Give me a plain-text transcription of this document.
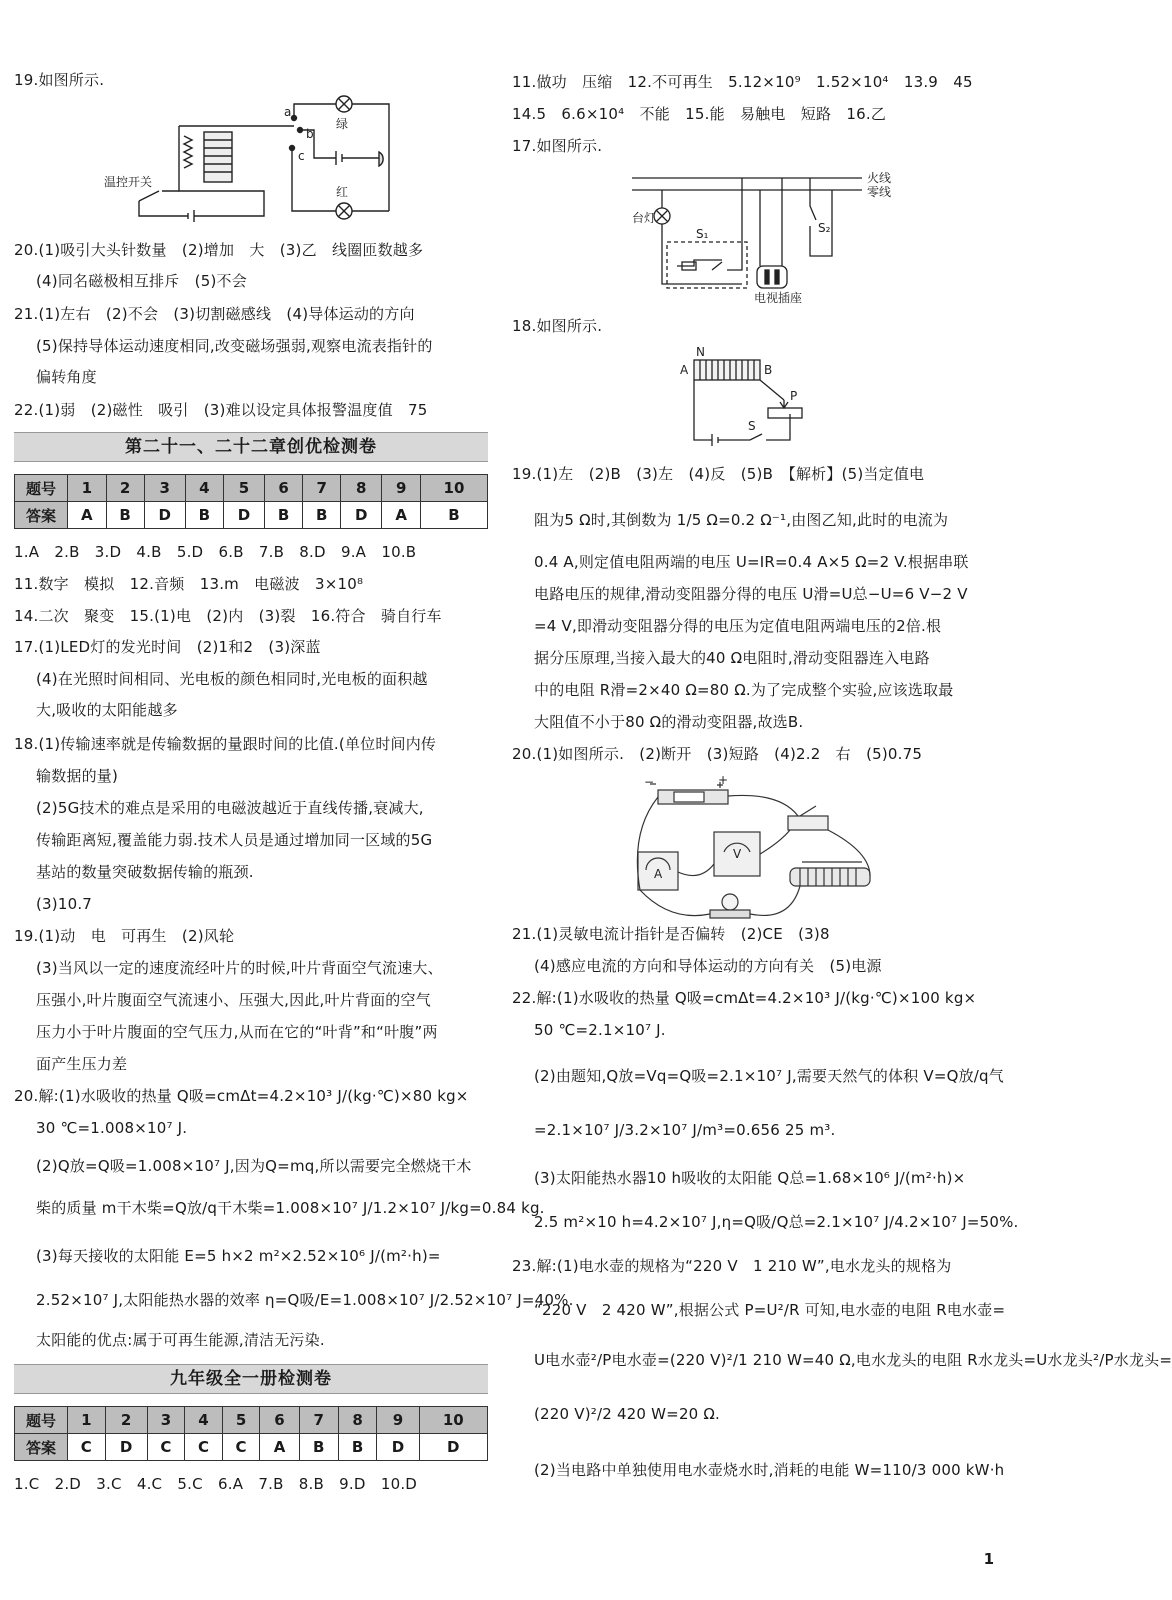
19.如图所示.
a
b
c
绿
红
温控开关
20.(1)吸引大头针数量　(2)增加　大　(3)乙　线圈匝数越多
(4)同名磁极相互排斥　(5)不会
21.(1)左右　(2)不会　(3)切割磁感线　(4)导体运动的方向
(5)保持导体运动速度相同,改变磁场强弱,观察电流表指针的
偏转角度
22.(1)弱　(2)磁性　吸引　(3)难以设定具体报警温度值　75
第二十一、二十二章创优检测卷
题号	1	2	3	4	5	6	7	8	9	10
答案	A	B	D	B	D	B	B	D	A	B
1.A　2.B　3.D　4.B　5.D　6.B　7.B　8.D　9.A　10.B
11.数字　模拟　12.音频　13.m　电磁波　3×10⁸
14.二次　聚变　15.(1)电　(2)内　(3)裂　16.符合　骑自行车
17.(1)LED灯的发光时间　(2)1和2　(3)深蓝
(4)在光照时间相同、光电板的颜色相同时,光电板的面积越
大,吸收的太阳能越多
18.(1)传输速率就是传输数据的量跟时间的比值.(单位时间内传
输数据的量)
(2)5G技术的难点是采用的电磁波越近于直线传播,衰减大,
传输距离短,覆盖能力弱.技术人员是通过增加同一区域的5G
基站的数量突破数据传输的瓶颈.
(3)10.7
19.(1)动　电　可再生　(2)风轮
(3)当风以一定的速度流经叶片的时候,叶片背面空气流速大、
压强小,叶片腹面空气流速小、压强大,因此,叶片背面的空气
压力小于叶片腹面的空气压力,从而在它的“叶背”和“叶腹”两
面产生压力差
20.解:(1)水吸收的热量 Q吸=cmΔt=4.2×10³ J/(kg·℃)×80 kg×
30 ℃=1.008×10⁷ J.
(2)Q放=Q吸=1.008×10⁷ J,因为Q=mq,所以需要完全燃烧干木
柴的质量 m干木柴=Q放/q干木柴=1.008×10⁷ J/1.2×10⁷ J/kg=0.84 kg.
(3)每天接收的太阳能 E=5 h×2 m²×2.52×10⁶ J/(m²·h)=
2.52×10⁷ J,太阳能热水器的效率 η=Q吸/E=1.008×10⁷ J/2.52×10⁷ J=40%.
太阳能的优点:属于可再生能源,清洁无污染.
九年级全一册检测卷
题号	1	2	3	4	5	6	7	8	9	10
答案	C	D	C	C	C	A	B	B	D	D
1.C　2.D　3.C　4.C　5.C　6.A　7.B　8.B　9.D　10.D
11.做功　压缩　12.不可再生　5.12×10⁹　1.52×10⁴　13.9　45
14.5　6.6×10⁴　不能　15.能　易触电　短路　16.乙
17.如图所示.
火线
零线
台灯
S₁	S₂
电视插座
18.如图所示.
N
A	B
P
S
19.(1)左　(2)B　(3)左　(4)反　(5)B　【解析】(5)当定值电
阻为5 Ω时,其倒数为 1/5 Ω=0.2 Ω⁻¹,由图乙知,此时的电流为
0.4 A,则定值电阻两端的电压 U=IR=0.4 A×5 Ω=2 V.根据串联
电路电压的规律,滑动变阻器分得的电压 U滑=U总−U=6 V−2 V
=4 V,即滑动变阻器分得的电压为定值电阻两端电压的2倍.根
据分压原理,当接入最大的40 Ω电阻时,滑动变阻器连入电路
中的电阻 R滑=2×40 Ω=80 Ω.为了完成整个实验,应该选取最
大阻值不小于80 Ω的滑动变阻器,故选B.
20.(1)如图所示.　(2)断开　(3)短路　(4)2.2　右　(5)0.75
−	+
A
V
21.(1)灵敏电流计指针是否偏转　(2)CE　(3)8
(4)感应电流的方向和导体运动的方向有关　(5)电源
22.解:(1)水吸收的热量 Q吸=cmΔt=4.2×10³ J/(kg·℃)×100 kg×
50 ℃=2.1×10⁷ J.
(2)由题知,Q放=Vq=Q吸=2.1×10⁷ J,需要天然气的体积 V=Q放/q气
=2.1×10⁷ J/3.2×10⁷ J/m³=0.656 25 m³.
(3)太阳能热水器10 h吸收的太阳能 Q总=1.68×10⁶ J/(m²·h)×
2.5 m²×10 h=4.2×10⁷ J,η=Q吸/Q总=2.1×10⁷ J/4.2×10⁷ J=50%.
23.解:(1)电水壶的规格为“220 V　1 210 W”,电水龙头的规格为
“220 V　2 420 W”,根据公式 P=U²/R 可知,电水壶的电阻 R电水壶=
U电水壶²/P电水壶=(220 V)²/1 210 W=40 Ω,电水龙头的电阻 R水龙头=U水龙头²/P水龙头=
(220 V)²/2 420 W=20 Ω.
(2)当电路中单独使用电水壶烧水时,消耗的电能 W=110/3 000 kW·h
1
